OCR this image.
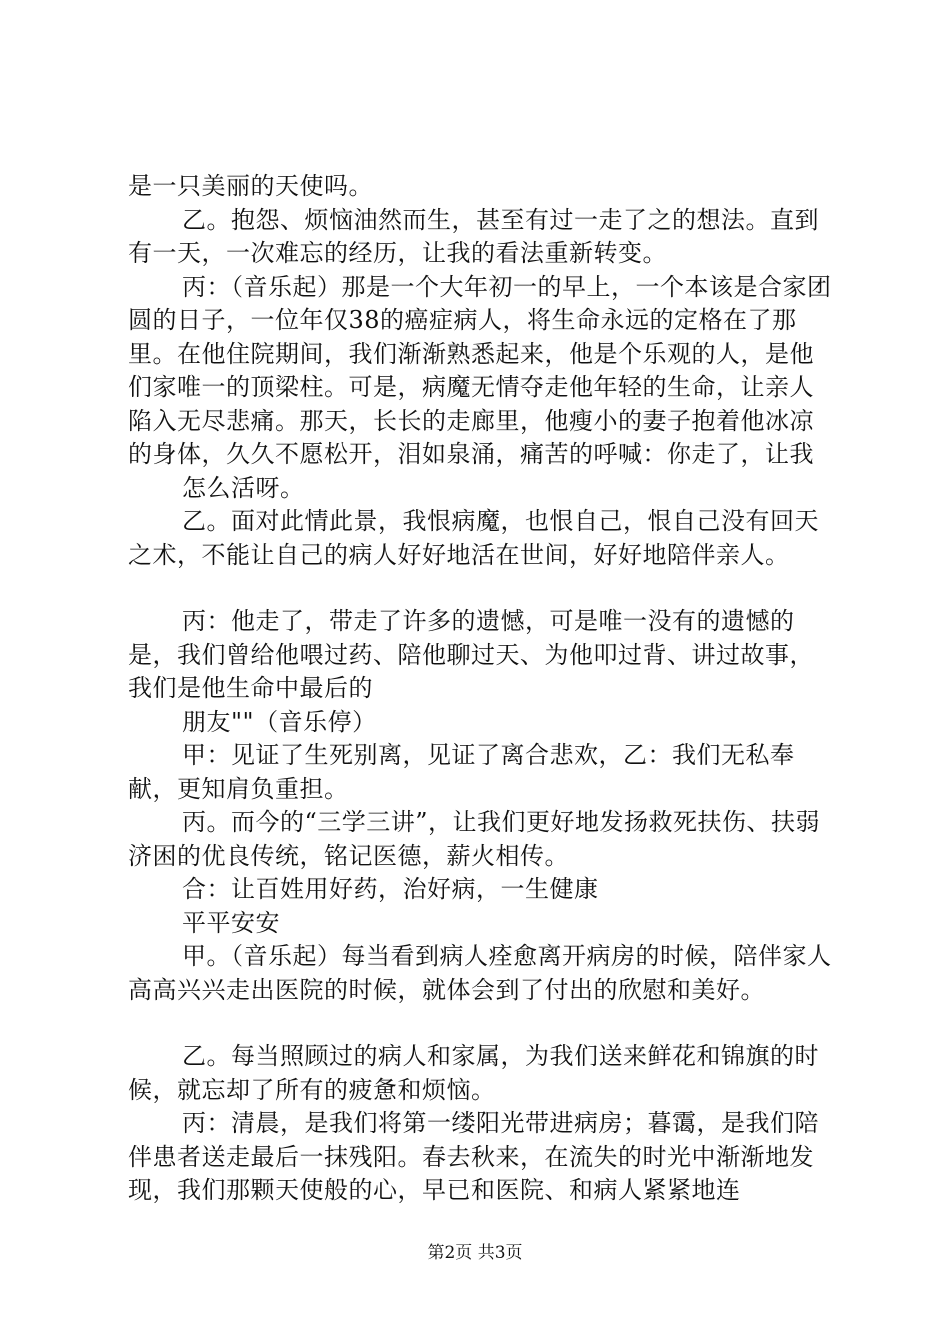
是一只美丽的天使吗。

乙。抱怨、烦恼油然而生，甚至有过一走了之的想法。直到有一天，一次难忘的经历，让我的看法重新转变。

丙：（音乐起）那是一个大年初一的早上，一个本该是合家团圆的日子，一位年仅38的癌症病人，将生命永远的定格在了那里。在他住院期间，我们渐渐熟悉起来，他是个乐观的人，是他们家唯一的顶梁柱。可是，病魔无情夺走他年轻的生命，让亲人陷入无尽悲痛。那天，长长的走廊里，他瘦小的妻子抱着他冰凉的身体，久久不愿松开，泪如泉涌，痛苦的呼喊：你走了，让我

怎么活呀。

乙。面对此情此景，我恨病魔，也恨自己，恨自己没有回天之术，不能让自己的病人好好地活在世间，好好地陪伴亲人。

丙：他走了，带走了许多的遗憾，可是唯一没有的遗憾的是，我们曾给他喂过药、陪他聊过天、为他叩过背、讲过故事，我们是他生命中最后的

朋友""（音乐停）

甲：见证了生死别离，见证了离合悲欢，乙：我们无私奉献，更知肩负重担。

丙。而今的“三学三讲”，让我们更好地发扬救死扶伤、扶弱济困的优良传统，铭记医德，薪火相传。

合：让百姓用好药，治好病，一生健康

平平安安

甲。（音乐起）每当看到病人痊愈离开病房的时候，陪伴家人高高兴兴走出医院的时候，就体会到了付出的欣慰和美好。

乙。每当照顾过的病人和家属，为我们送来鲜花和锦旗的时候，就忘却了所有的疲惫和烦恼。

丙：清晨，是我们将第一缕阳光带进病房；暮霭，是我们陪伴患者送走最后一抹残阳。春去秋来，在流失的时光中渐渐地发现，我们那颗天使般的心，早已和医院、和病人紧紧地连

第2页 共3页
